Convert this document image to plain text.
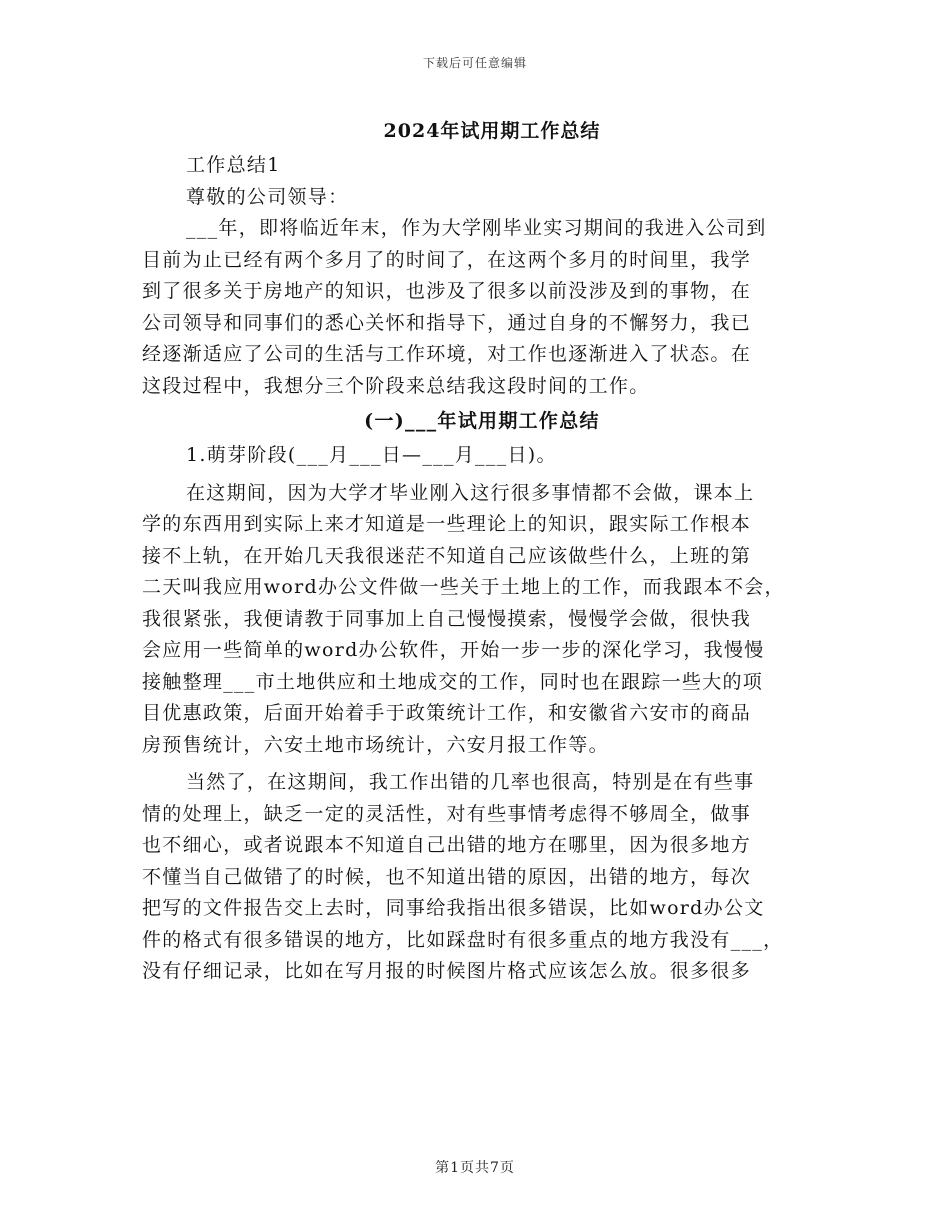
下载后可任意编辑
2024年试用期工作总结
工作总结1
尊敬的公司领导：
___年，即将临近年末，作为大学刚毕业实习期间的我进入公司到
目前为止已经有两个多月了的时间了，在这两个多月的时间里，我学
到了很多关于房地产的知识，也涉及了很多以前没涉及到的事物，在
公司领导和同事们的悉心关怀和指导下，通过自身的不懈努力，我已
经逐渐适应了公司的生活与工作环境，对工作也逐渐进入了状态。在
这段过程中，我想分三个阶段来总结我这段时间的工作。
(一)___年试用期工作总结
1.萌芽阶段(___月___日—___月___日)。
在这期间，因为大学才毕业刚入这行很多事情都不会做，课本上
学的东西用到实际上来才知道是一些理论上的知识，跟实际工作根本
接不上轨，在开始几天我很迷茫不知道自己应该做些什么，上班的第
二天叫我应用word办公文件做一些关于土地上的工作，而我跟本不会，
我很紧张，我便请教于同事加上自己慢慢摸索，慢慢学会做，很快我
会应用一些简单的word办公软件，开始一步一步的深化学习，我慢慢
接触整理___市土地供应和土地成交的工作，同时也在跟踪一些大的项
目优惠政策，后面开始着手于政策统计工作，和安徽省六安市的商品
房预售统计，六安土地市场统计，六安月报工作等。
当然了，在这期间，我工作出错的几率也很高，特别是在有些事
情的处理上，缺乏一定的灵活性，对有些事情考虑得不够周全，做事
也不细心，或者说跟本不知道自己出错的地方在哪里，因为很多地方
不懂当自己做错了的时候，也不知道出错的原因，出错的地方，每次
把写的文件报告交上去时，同事给我指出很多错误，比如word办公文
件的格式有很多错误的地方，比如踩盘时有很多重点的地方我没有___，
没有仔细记录，比如在写月报的时候图片格式应该怎么放。很多很多
第1页共7页
